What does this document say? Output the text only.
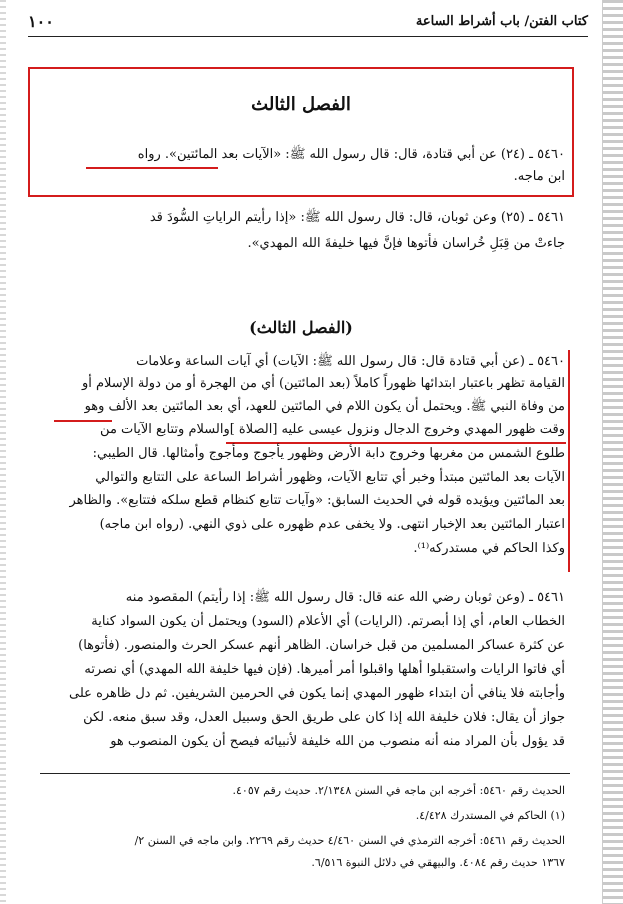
كتاب الفتن/ باب أشراط الساعة
١٠٠
الفصل الثالث
٥٤٦٠ ـ (٢٤) عن أبي قتادة، قال: قال رسول الله ﷺ: «الآيات بعد المائتين». رواه
ابن ماجه.
٥٤٦١ ـ (٢٥) وعن ثوبان، قال: قال رسول الله ﷺ: «إذا رأيتم الراياتِ السُّودَ قد
جاءتْ من قِبَلِ خُراسان فأتوها فإنَّ فيها خليفةَ الله المهدي».
(الفصل الثالث)
٥٤٦٠ ـ (عن أبي قتادة قال: قال رسول الله ﷺ: الآيات) أي آيات الساعة وعلامات
القيامة تظهر باعتبار ابتدائها ظهوراً كاملاً (بعد المائتين) أي من الهجرة أو من دولة الإسلام أو
من وفاة النبي ﷺ. ويحتمل أن يكون اللام في المائتين للعهد، أي بعد المائتين بعد الألف وهو
وقت ظهور المهدي وخروج الدجال ونزول عيسى عليه [الصلاة ]والسلام وتتابع الآيات من
طلوع الشمس من مغربها وخروج دابة الأرض وظهور يأجوج ومأجوج وأمثالها. قال الطيبي:
الآيات بعد المائتين مبتدأ وخبر أي تتابع الآيات، وظهور أشراط الساعة على التتابع والتوالي
بعد المائتين ويؤيده قوله في الحديث السابق: «وآيات تتابع كنظام قطع سلكه فتتابع». والظاهر
اعتبار المائتين بعد الإخبار انتهى. ولا يخفى عدم ظهوره على ذوي النهي. (رواه ابن ماجه)
وكذا الحاكم في مستدركه⁽¹⁾.
٥٤٦١ ـ (وعن ثوبان رضي الله عنه قال: قال رسول الله ﷺ: إذا رأيتم) المقصود منه
الخطاب العام، أي إذا أبصرتم. (الرايات) أي الأعلام (السود) ويحتمل أن يكون السواد كناية
عن كثرة عساكر المسلمين من قبل خراسان. الظاهر أنهم عسكر الحرث والمنصور. (فأتوها)
أي فاتوا الرايات واستقبلوا أهلها واقبلوا أمر أميرها. (فإن فيها خليفة الله المهدي) أي نصرته
وأجابته فلا ينافي أن ابتداء ظهور المهدي إنما يكون في الحرمين الشريفين. ثم دل ظاهره على
جواز أن يقال: فلان خليفة الله إذا كان على طريق الحق وسبيل العدل، وقد سبق منعه. لكن
قد يؤول بأن المراد منه أنه منصوب من الله خليفة لأنبيائه فيصح أن يكون المنصوب هو
الحديث رقم ٥٤٦٠: أخرجه ابن ماجه في السنن ٢/١٣٤٨. حديث رقم ٤٠٥٧.
(١) الحاكم في المستدرك ٤/٤٢٨.
الحديث رقم ٥٤٦١: أخرجه الترمذي في السنن ٤/٤٦٠ حديث رقم ٢٢٦٩. وابن ماجه في السنن ٢/
١٣٦٧ حديث رقم ٤٠٨٤. والبيهقي في دلائل النبوة ٦/٥١٦.
